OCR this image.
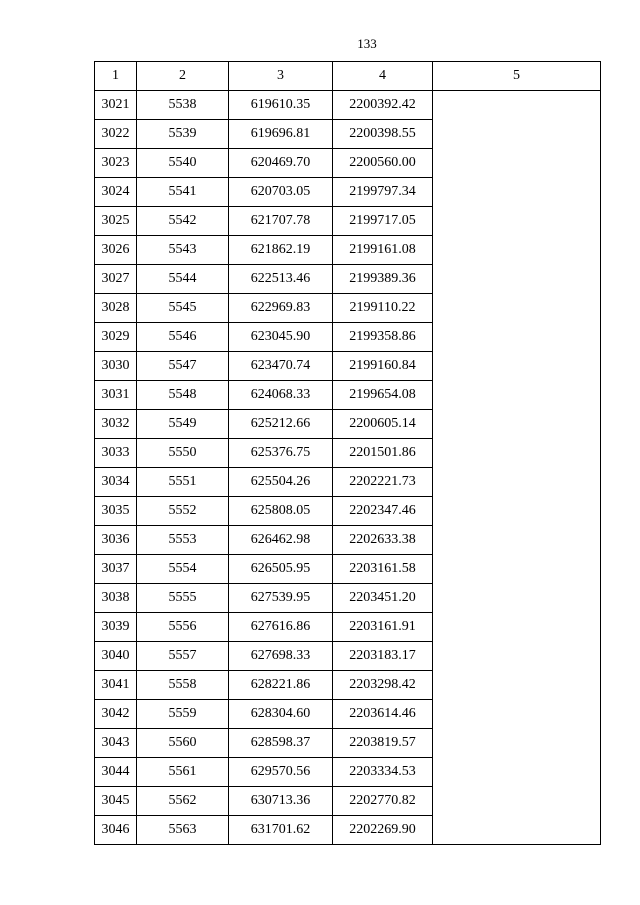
133
1	2	3	4	5
3021	5538	619610.35	2200392.42	
3022	5539	619696.81	2200398.55	
3023	5540	620469.70	2200560.00	
3024	5541	620703.05	2199797.34	
3025	5542	621707.78	2199717.05	
3026	5543	621862.19	2199161.08	
3027	5544	622513.46	2199389.36	
3028	5545	622969.83	2199110.22	
3029	5546	623045.90	2199358.86	
3030	5547	623470.74	2199160.84	
3031	5548	624068.33	2199654.08	
3032	5549	625212.66	2200605.14	
3033	5550	625376.75	2201501.86	
3034	5551	625504.26	2202221.73	
3035	5552	625808.05	2202347.46	
3036	5553	626462.98	2202633.38	
3037	5554	626505.95	2203161.58	
3038	5555	627539.95	2203451.20	
3039	5556	627616.86	2203161.91	
3040	5557	627698.33	2203183.17	
3041	5558	628221.86	2203298.42	
3042	5559	628304.60	2203614.46	
3043	5560	628598.37	2203819.57	
3044	5561	629570.56	2203334.53	
3045	5562	630713.36	2202770.82	
3046	5563	631701.62	2202269.90	
